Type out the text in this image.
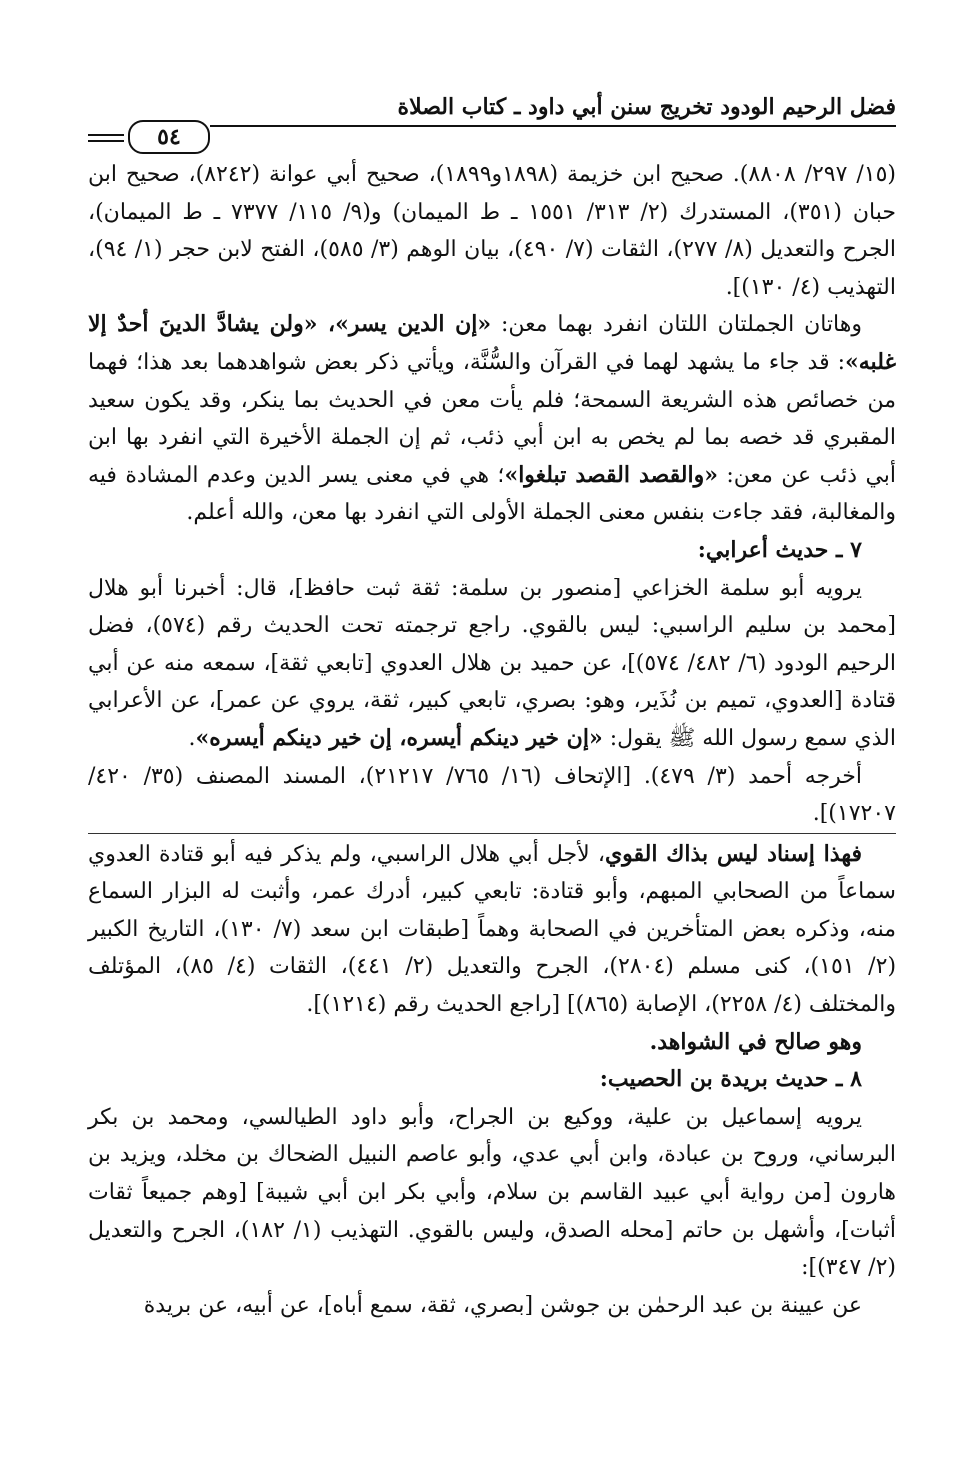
فضل الرحيم الودود تخريج سنن أبي داود ـ كتاب الصلاة
٥٤

(١٥/ ٢٩٧/ ٨٨٠٨). صحيح ابن خزيمة (١٨٩٨و١٨٩٩)، صحيح أبي عوانة (٨٢٤٢)، صحيح ابن حبان (٣٥١)، المستدرك (٢/ ٣١٣/ ١٥٥١ ـ ط الميمان) و(٩/ ١١٥/ ٧٣٧٧ ـ ط الميمان)، الجرح والتعديل (٨/ ٢٧٧)، الثقات (٧/ ٤٩٠)، بيان الوهم (٣/ ٥٨٥)، الفتح لابن حجر (١/ ٩٤)، التهذيب (٤/ ١٣٠)].

وهاتان الجملتان اللتان انفرد بهما معن: «إن الدين يسر»، «ولن يشادَّ الدينَ أحدٌ إلا غلبه»: قد جاء ما يشهد لهما في القرآن والسُّنَّة، ويأتي ذكر بعض شواهدهما بعد هذا؛ فهما من خصائص هذه الشريعة السمحة؛ فلم يأت معن في الحديث بما ينكر، وقد يكون سعيد المقبري قد خصه بما لم يخص به ابن أبي ذئب، ثم إن الجملة الأخيرة التي انفرد بها ابن أبي ذئب عن معن: «والقصد القصد تبلغوا»؛ هي في معنى يسر الدين وعدم المشادة فيه والمغالبة، فقد جاءت بنفس معنى الجملة الأولى التي انفرد بها معن، والله أعلم.

٧ ـ حديث أعرابي:

يرويه أبو سلمة الخزاعي [منصور بن سلمة: ثقة ثبت حافظ]، قال: أخبرنا أبو هلال [محمد بن سليم الراسبي: ليس بالقوي. راجع ترجمته تحت الحديث رقم (٥٧٤)، فضل الرحيم الودود (٦/ ٤٨٢/ ٥٧٤)]، عن حميد بن هلال العدوي [تابعي ثقة]، سمعه منه عن أبي قتادة [العدوي، تميم بن نُذَير، وهو: بصري، تابعي كبير، ثقة، يروي عن عمر]، عن الأعرابي الذي سمع رسول الله ﷺ يقول: «إن خير دينكم أيسره، إن خير دينكم أيسره».

أخرجه أحمد (٣/ ٤٧٩). [الإتحاف (١٦/ ٧٦٥/ ٢١٢١٧)، المسند المصنف (٣٥/ ٤٢٠/ ١٧٢٠٧)].

فهذا إسناد ليس بذاك القوي، لأجل أبي هلال الراسبي، ولم يذكر فيه أبو قتادة العدوي سماعاً من الصحابي المبهم، وأبو قتادة: تابعي كبير، أدرك عمر، وأثبت له البزار السماع منه، وذكره بعض المتأخرين في الصحابة وهماً [طبقات ابن سعد (٧/ ١٣٠)، التاريخ الكبير (٢/ ١٥١)، كنى مسلم (٢٨٠٤)، الجرح والتعديل (٢/ ٤٤١)، الثقات (٤/ ٨٥)، المؤتلف والمختلف (٤/ ٢٢٥٨)، الإصابة (٨٦٥)] [راجع الحديث رقم (١٢١٤)].

وهو صالح في الشواهد.

٨ ـ حديث بريدة بن الحصيب:

يرويه إسماعيل بن علية، ووكيع بن الجراح، وأبو داود الطيالسي، ومحمد بن بكر البرساني، وروح بن عبادة، وابن أبي عدي، وأبو عاصم النبيل الضحاك بن مخلد، ويزيد بن هارون [من رواية أبي عبيد القاسم بن سلام، وأبي بكر ابن أبي شيبة] [وهم جميعاً ثقات أثبات]، وأشهل بن حاتم [محله الصدق، وليس بالقوي. التهذيب (١/ ١٨٢)، الجرح والتعديل (٢/ ٣٤٧)]:

عن عيينة بن عبد الرحمٰن بن جوشن [بصري، ثقة، سمع أباه]، عن أبيه، عن بريدة
